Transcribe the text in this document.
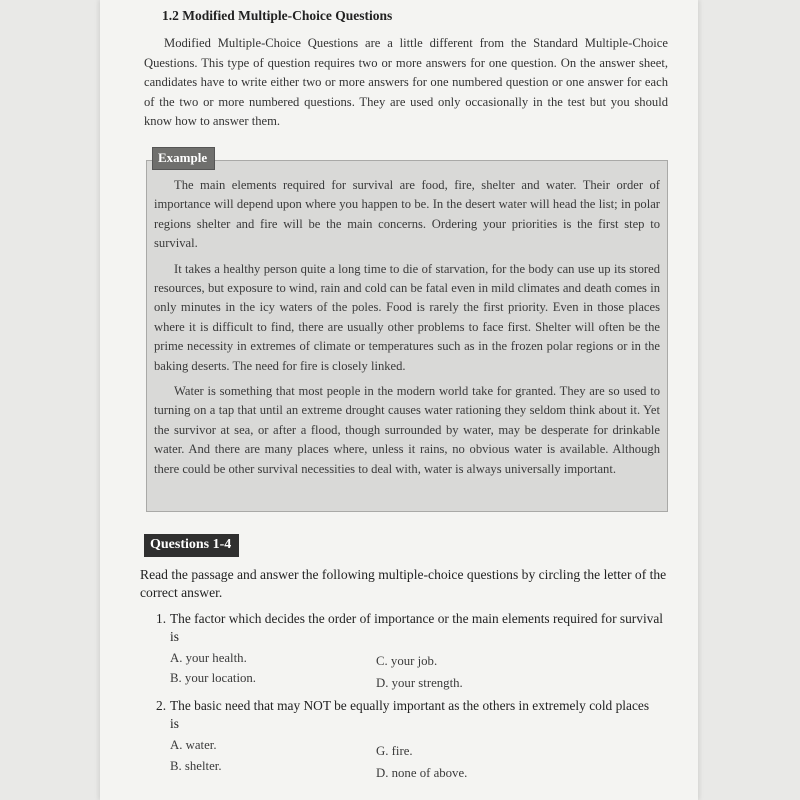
1.2 Modified Multiple-Choice Questions
Modified Multiple-Choice Questions are a little different from the Standard Multiple-Choice Questions. This type of question requires two or more answers for one question. On the answer sheet, candidates have to write either two or more answers for one numbered question or one answer for each of the two or more numbered questions. They are used only occasionally in the test but you should know how to answer them.
Example

The main elements required for survival are food, fire, shelter and water. Their order of importance will depend upon where you happen to be. In the desert water will head the list; in polar regions shelter and fire will be the main concerns. Ordering your priorities is the first step to survival.

It takes a healthy person quite a long time to die of starvation, for the body can use up its stored resources, but exposure to wind, rain and cold can be fatal even in mild climates and death comes in only minutes in the icy waters of the poles. Food is rarely the first priority. Even in those places where it is difficult to find, there are usually other problems to face first. Shelter will often be the prime necessity in extremes of climate or temperatures such as in the frozen polar regions or in the baking deserts. The need for fire is closely linked.

Water is something that most people in the modern world take for granted. They are so used to turning on a tap that until an extreme drought causes water rationing they seldom think about it. Yet the survivor at sea, or after a flood, though surrounded by water, may be desperate for drinkable water. And there are many places where, unless it rains, no obvious water is available. Although there could be other survival necessities to deal with, water is always universally important.

Questions 1-4
Read the passage and answer the following multiple-choice questions by circling the letter of the correct answer.
1. The factor which decides the order of importance or the main elements required for survival
is
A. your health.	C. your job.
B. your location.	D. your strength.
2. The basic need that may NOT be equally important as the others in extremely cold places
is
A. water.	G. fire.
B. shelter.	D. none of above.
